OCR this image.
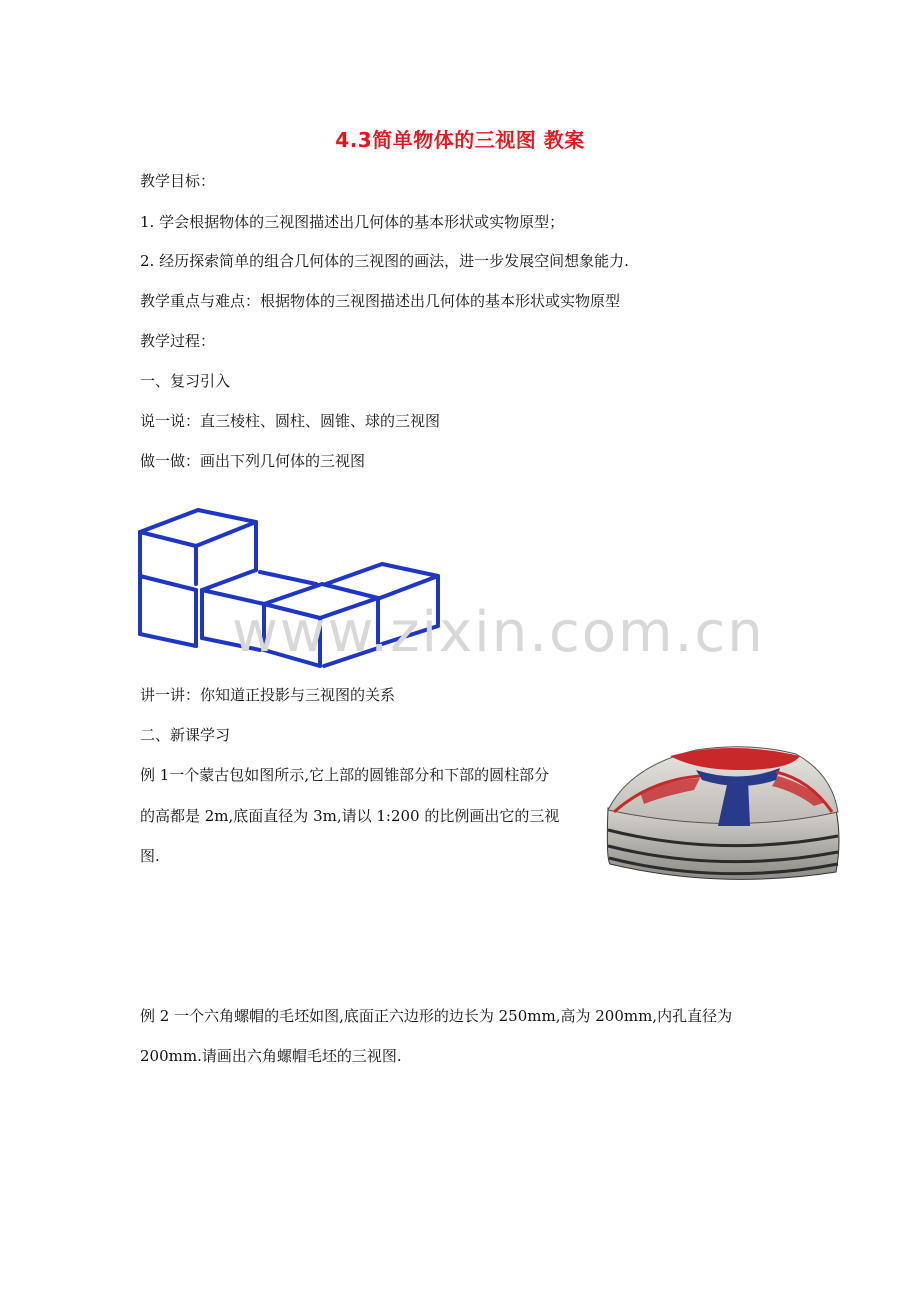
4.3简单物体的三视图 教案
教学目标：
1. 学会根据物体的三视图描述出几何体的基本形状或实物原型；
2. 经历探索简单的组合几何体的三视图的画法，进一步发展空间想象能力.
教学重点与难点：根据物体的三视图描述出几何体的基本形状或实物原型
教学过程：
一、复习引入
说一说：直三棱柱、圆柱、圆锥、球的三视图
做一做：画出下列几何体的三视图
www.zixin.com.cn
讲一讲：你知道正投影与三视图的关系
二、新课学习
例 1一个蒙古包如图所示,它上部的圆锥部分和下部的圆柱部分
的高都是 2m,底面直径为 3m,请以 1:200 的比例画出它的三视
图.
例 2 一个六角螺帽的毛坯如图,底面正六边形的边长为 250mm,高为 200mm,内孔直径为
200mm.请画出六角螺帽毛坯的三视图.
